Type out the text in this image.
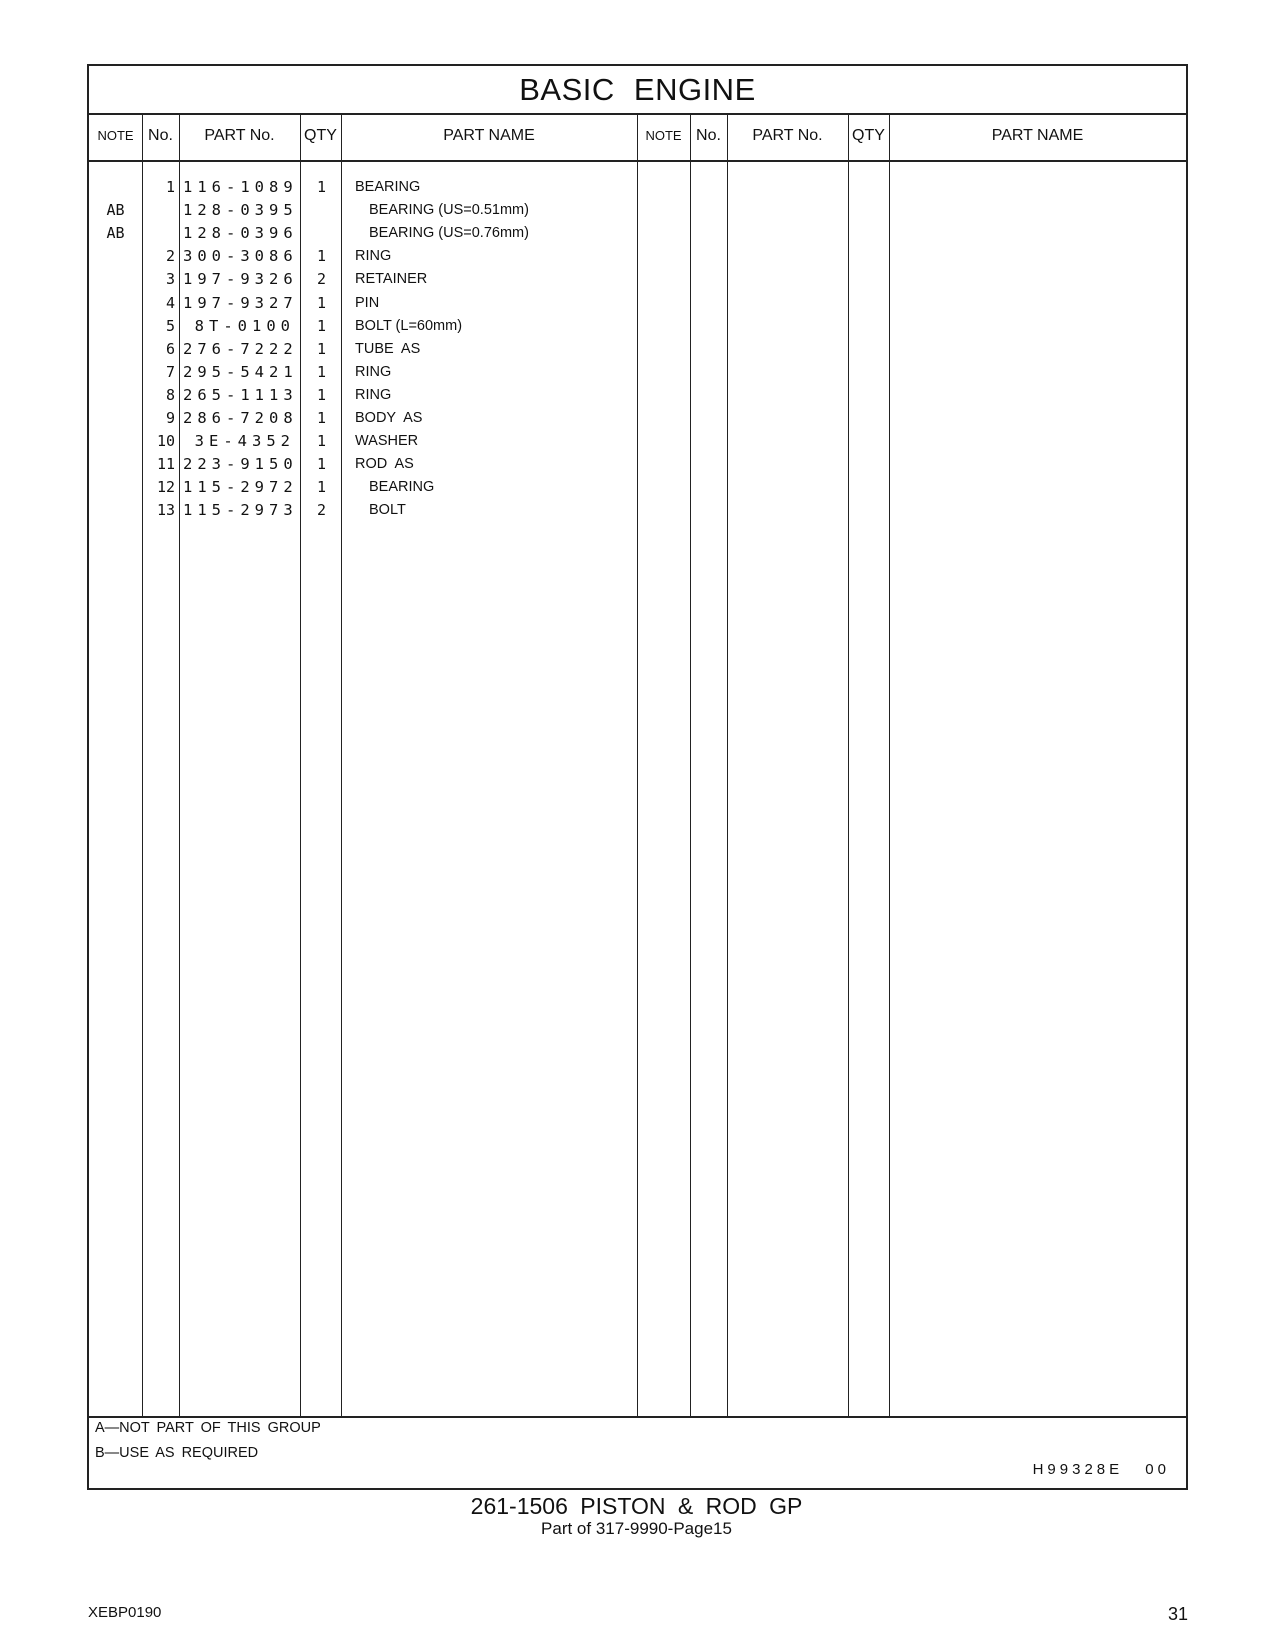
BASIC ENGINE
NOTE No.	PART No.	QTY	PART NAME	NOTE No.	PART No.	QTY	PART NAME
1 116-1089	1 BEARING
AB	128-0395	BEARING (US=0.51mm)
AB	128-0396	BEARING (US=0.76mm)
2 300-3086	1 RING
3 197-9326	2 RETAINER
4 197-9327	1 PIN
5	8T-0100	1 BOLT (L=60mm)
6 276-7222	1 TUBE  AS
7 295-5421	1 RING
8 265-1113	1 RING
9 286-7208	1 BODY  AS
10	3E-4352	1 WASHER
11 223-9150	1 ROD  AS
12 115-2972	1	BEARING
13 115-2973	2	BOLT
A—NOT PART OF THIS GROUP
B—USE AS REQUIRED
H99328E 00
261-1506 PISTON & ROD GP
Part of 317-9990-Page15
XEBP0190	31
